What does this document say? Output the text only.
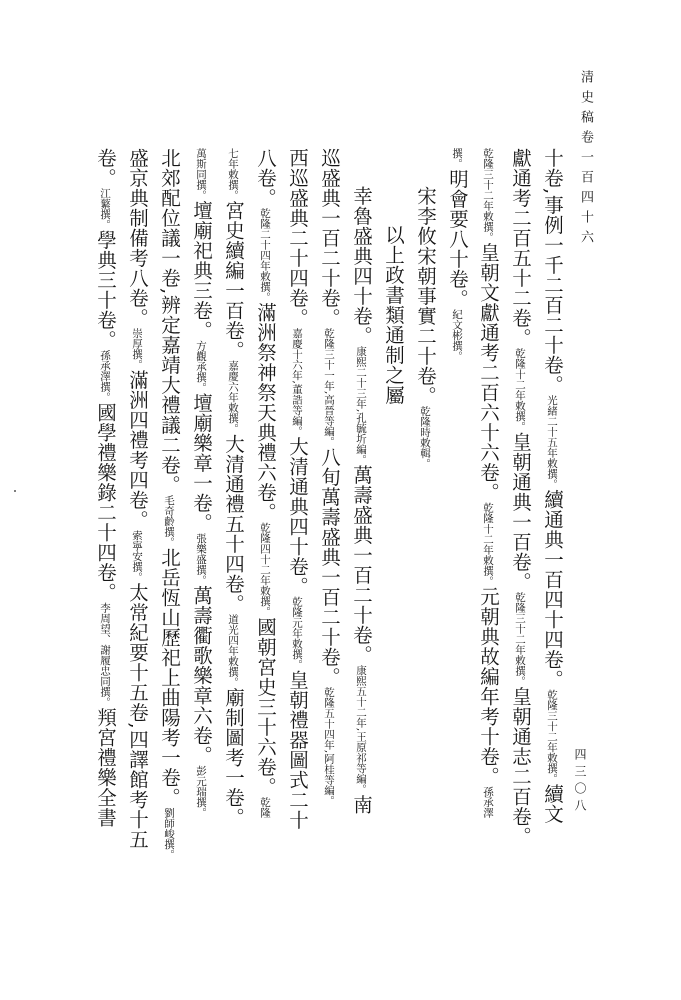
清史稿卷一百四十六
四三〇八
十卷,事例一千二百二十卷。光緒二十五年敕撰。續通典一百四十四卷。乾隆三十二年敕撰。續文
獻通考二百五十二卷。乾隆十二年敕撰。皇朝通典一百卷。乾隆三十二年敕撰。皇朝通志二百卷。
乾隆三十二年敕撰。皇朝文獻通考二百六十六卷。乾隆十二年敕撰。元朝典故編年考十卷。孫承澤
撰。明會要八十卷。紀文彬撰。
宋李攸宋朝事實二十卷。乾隆時敕輯。
以上政書類通制之屬
幸魯盛典四十卷。康熙二十三年,孔毓圻編。萬壽盛典一百二十卷。康熙五十二年,王原祁等編。南
巡盛典一百二十卷。乾隆三十一年,高晉等編。八旬萬壽盛典一百二十卷。乾隆五十四年,阿桂等編。
西巡盛典二十四卷。嘉慶十六年,董誥等編。大清通典四十卷。乾隆元年敕撰。皇朝禮器圖式二十
八卷。乾隆二十四年敕撰。滿洲祭神祭天典禮六卷。乾隆四十二年敕撰。國朝宮史三十六卷。乾隆
七年敕撰。宮史續編一百卷。嘉慶六年敕撰。大清通禮五十四卷。道光四年敕撰。廟制圖考一卷。
萬斯同撰。壇廟祀典三卷。方觀承撰。壇廟樂章一卷。張樂盛撰。萬壽衢歌樂章六卷。彭元瑞撰。
北郊配位議一卷,辨定嘉靖大禮議二卷。毛奇齡撰。北岳恆山歷祀上曲陽考一卷。劉師峻撰。
盛京典制備考八卷。崇厚撰。滿洲四禮考四卷。索寧安撰。太常紀要十五卷,四譯館考十五
卷。江蘩撰。學典三十卷。孫承澤撰。國學禮樂錄二十四卷。李周望、謝履忠同撰。頖宮禮樂全書
